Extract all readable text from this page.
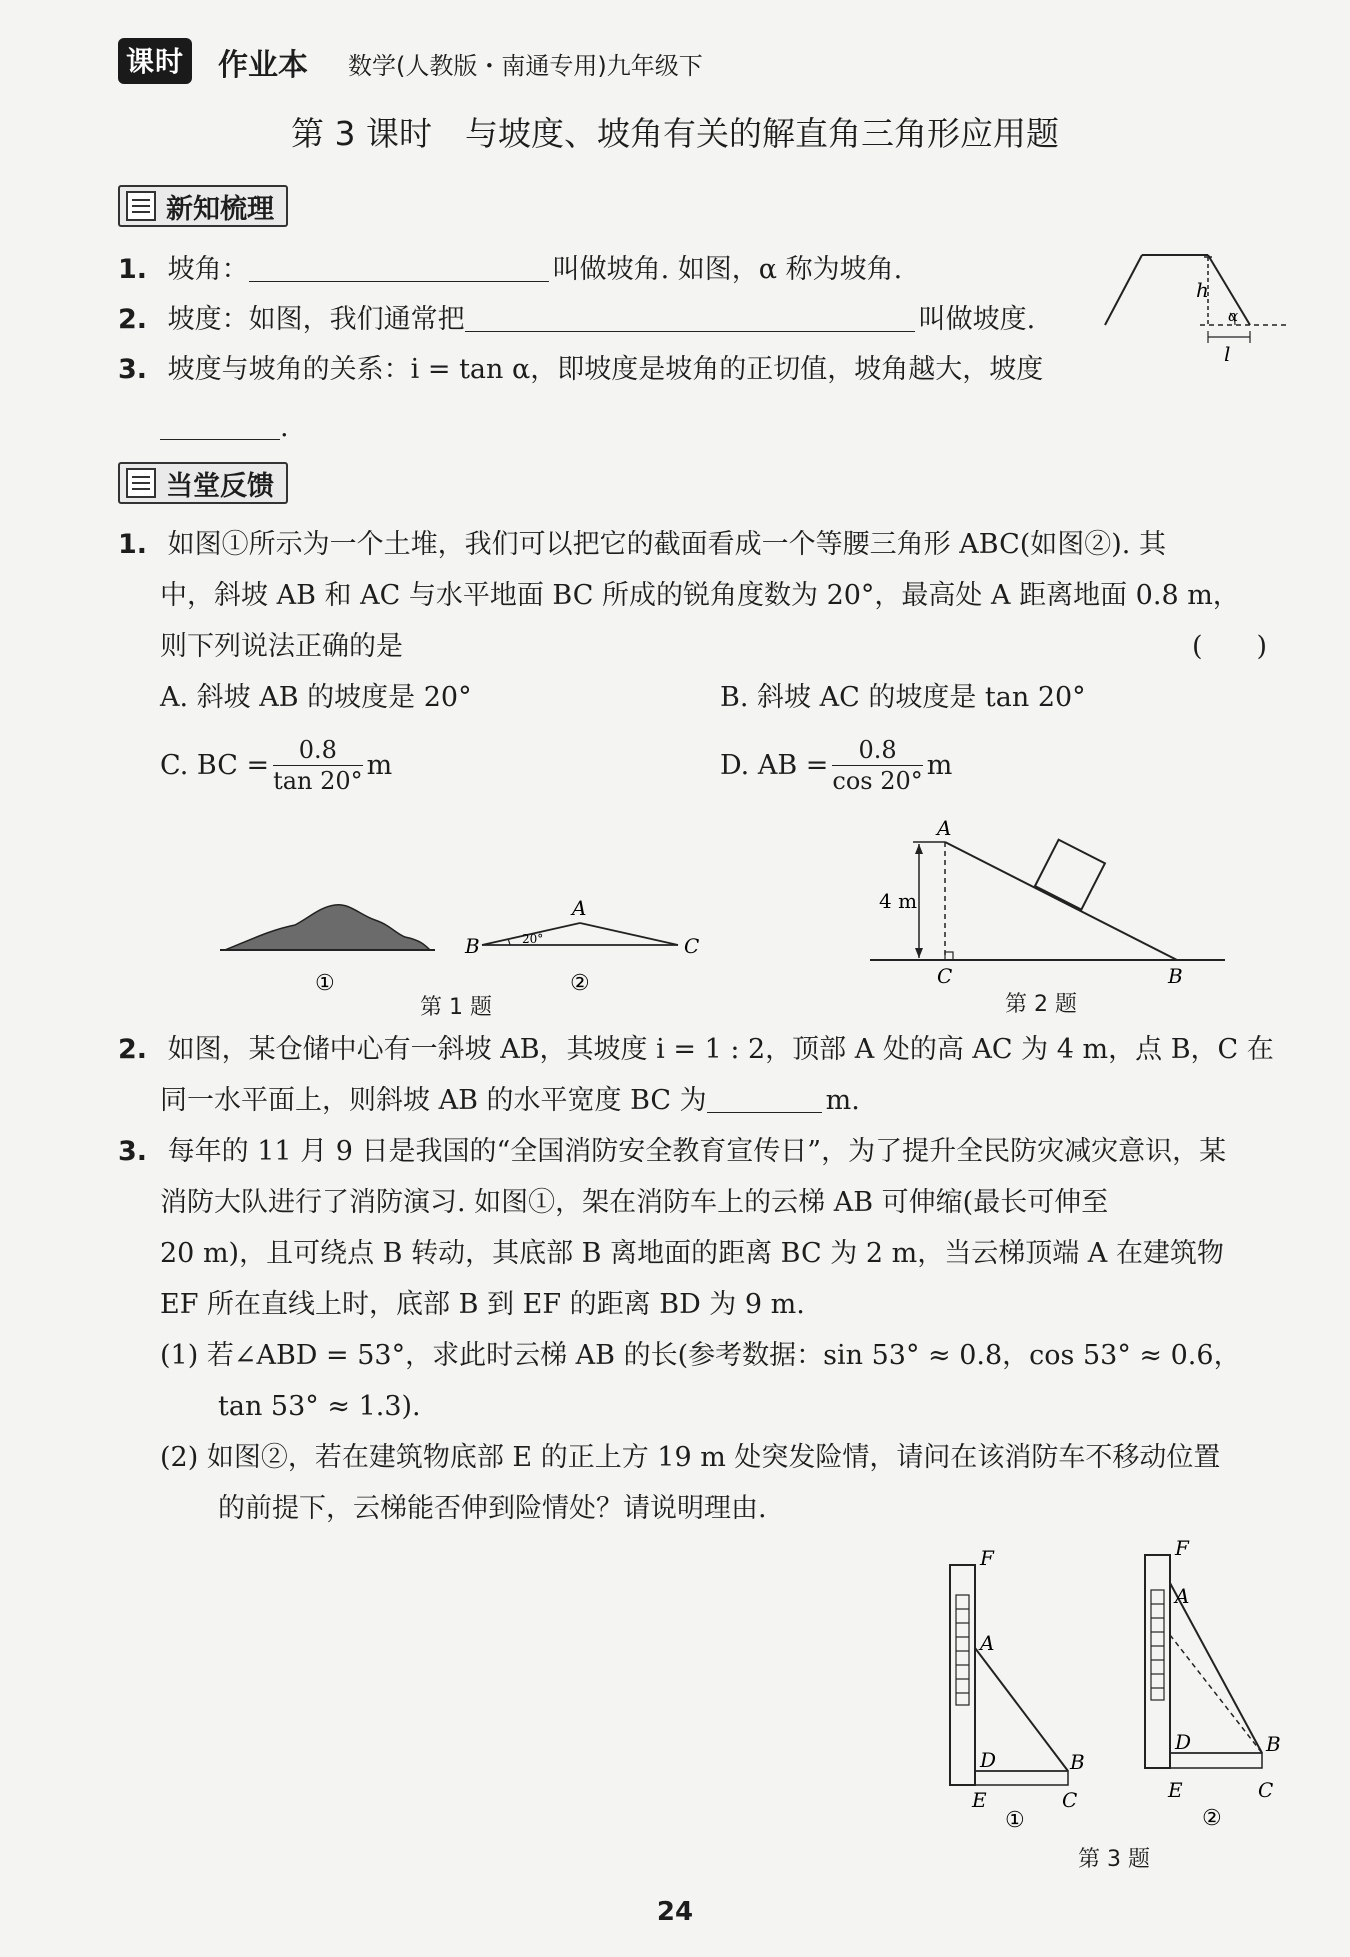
课时 作业本 数学(人教版・南通专用)九年级下
第 3 课时　与坡度、坡角有关的解直角三角形应用题
新知梳理
1. 坡角：	叫做坡角. 如图，α 称为坡角.
2. 坡度：如图，我们通常把	叫做坡度.
3. 坡度与坡角的关系：i = tan α，即坡度是坡角的正切值，坡角越大，坡度
.
h
α
l
当堂反馈
1. 如图①所示为一个土堆，我们可以把它的截面看成一个等腰三角形 ABC(如图②). 其
中，斜坡 AB 和 AC 与水平地面 BC 所成的锐角度数为 20°，最高处 A 距离地面 0.8 m，
则下列说法正确的是	(　　)
A. 斜坡 AB 的坡度是 20°	B. 斜坡 AC 的坡度是 tan 20°
C. BC = $\frac{0.8}{\tan 20^\circ}$ m	D. AB = $\frac{0.8}{\cos 20^\circ}$ m
①
A
B	C
20°
②
第 1 题
A
4 m
C	B
第 2 题
2. 如图，某仓储中心有一斜坡 AB，其坡度 i = 1 : 2，顶部 A 处的高 AC 为 4 m，点 B，C 在
同一水平面上，则斜坡 AB 的水平宽度 BC 为	m.
3. 每年的 11 月 9 日是我国的“全国消防安全教育宣传日”，为了提升全民防灾减灾意识，某
消防大队进行了消防演习. 如图①，架在消防车上的云梯 AB 可伸缩(最长可伸至
20 m)，且可绕点 B 转动，其底部 B 离地面的距离 BC 为 2 m，当云梯顶端 A 在建筑物
EF 所在直线上时，底部 B 到 EF 的距离 BD 为 9 m.
(1) 若∠ABD = 53°，求此时云梯 AB 的长(参考数据：sin 53° ≈ 0.8，cos 53° ≈ 0.6，
tan 53° ≈ 1.3).
(2) 如图②，若在建筑物底部 E 的正上方 19 m 处突发险情，请问在该消防车不移动位置
的前提下，云梯能否伸到险情处？请说明理由.
F
A
D	B
E	C
①
F
A
D	B
E	C
②
第 3 题
24
